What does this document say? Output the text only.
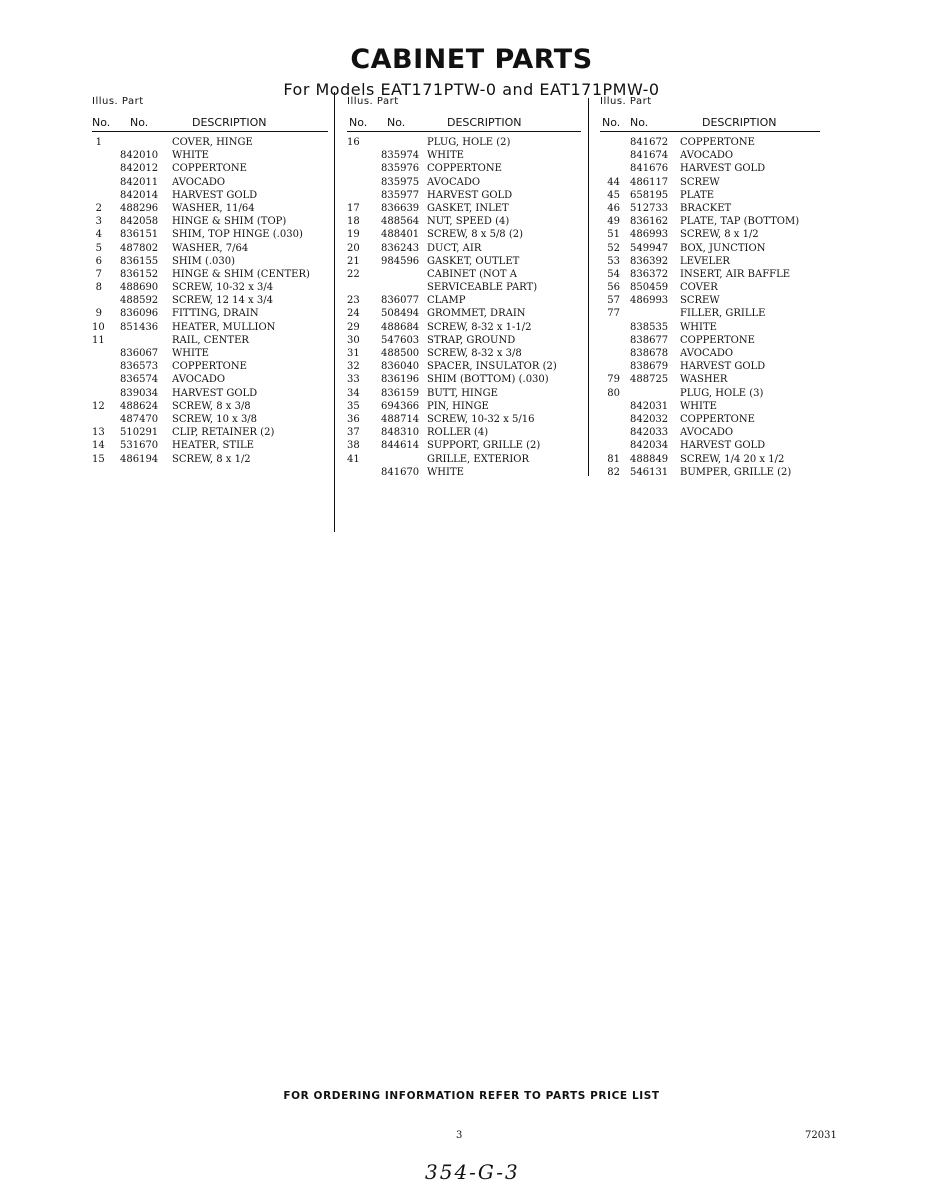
CABINET PARTS
For Models EAT171PTW-0 and EAT171PMW-0
Illus. Part
No. No.	DESCRIPTION
1	COVER, HINGE
842010 WHITE
842012 COPPERTONE
842011 AVOCADO
842014 HARVEST GOLD
2 488296 WASHER, 11/64
3 842058 HINGE & SHIM (TOP)
4 836151 SHIM, TOP HINGE (.030)
5 487802 WASHER, 7/64
6 836155 SHIM (.030)
7 836152 HINGE & SHIM (CENTER)
8 488690 SCREW, 10-32 x 3/4
488592 SCREW, 12 14 x 3/4
9 836096 FITTING, DRAIN
10 851436 HEATER, MULLION
11	RAIL, CENTER
836067 WHITE
836573 COPPERTONE
836574 AVOCADO
839034 HARVEST GOLD
12 488624 SCREW, 8 x 3/8
487470 SCREW, 10 x 3/8
13 510291 CLIP, RETAINER (2)
14 531670 HEATER, STILE
15 486194 SCREW, 8 x 1/2
Illus. Part
No. No.	DESCRIPTION
16	PLUG, HOLE (2)
835974 WHITE
835976 COPPERTONE
835975 AVOCADO
835977 HARVEST GOLD
17 836639 GASKET, INLET
18 488564 NUT, SPEED (4)
19 488401 SCREW, 8 x 5/8 (2)
20 836243 DUCT, AIR
21 984596 GASKET, OUTLET
22	CABINET (NOT A
SERVICEABLE PART)
23 836077 CLAMP
24 508494 GROMMET, DRAIN
29 488684 SCREW, 8-32 x 1-1/2
30 547603 STRAP, GROUND
31 488500 SCREW, 8-32 x 3/8
32 836040 SPACER, INSULATOR (2)
33 836196 SHIM (BOTTOM) (.030)
34 836159 BUTT, HINGE
35 694366 PIN, HINGE
36 488714 SCREW, 10-32 x 5/16
37 848310 ROLLER (4)
38 844614 SUPPORT, GRILLE (2)
41	GRILLE, EXTERIOR
841670 WHITE
Illus. Part
No. No.	DESCRIPTION
841672 COPPERTONE
841674 AVOCADO
841676 HARVEST GOLD
44 486117 SCREW
45 658195 PLATE
46 512733 BRACKET
49 836162 PLATE, TAP (BOTTOM)
51 486993 SCREW, 8 x 1/2
52 549947 BOX, JUNCTION
53 836392 LEVELER
54 836372 INSERT, AIR BAFFLE
56 850459 COVER
57 486993 SCREW
77	FILLER, GRILLE
838535 WHITE
838677 COPPERTONE
838678 AVOCADO
838679 HARVEST GOLD
79 488725 WASHER
80	PLUG, HOLE (3)
842031 WHITE
842032 COPPERTONE
842033 AVOCADO
842034 HARVEST GOLD
81 488849 SCREW, 1/4 20 x 1/2
82 546131 BUMPER, GRILLE (2)
FOR ORDERING INFORMATION REFER TO PARTS PRICE LIST
3	72031
354-G-3
